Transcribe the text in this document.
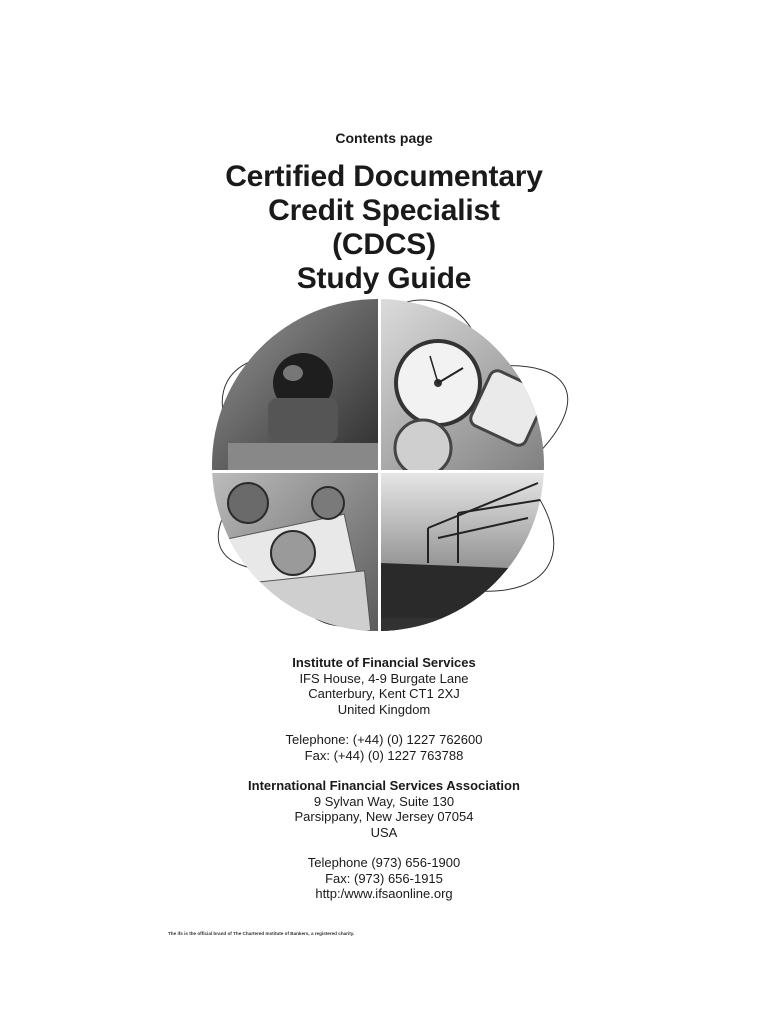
Contents page
Certified Documentary
Credit Specialist
(CDCS)
Study Guide
Institute of Financial Services
IFS House, 4-9 Burgate Lane
Canterbury, Kent CT1 2XJ
United Kingdom
Telephone: (+44) (0) 1227 762600
Fax: (+44) (0) 1227 763788
International Financial Services Association
9 Sylvan Way, Suite 130
Parsippany, New Jersey 07054
USA
Telephone (973) 656-1900
Fax: (973) 656-1915
http:/www.ifsaonline.org
The ifs is the official brand of The Chartered Institute of Bankers, a registered charity.
